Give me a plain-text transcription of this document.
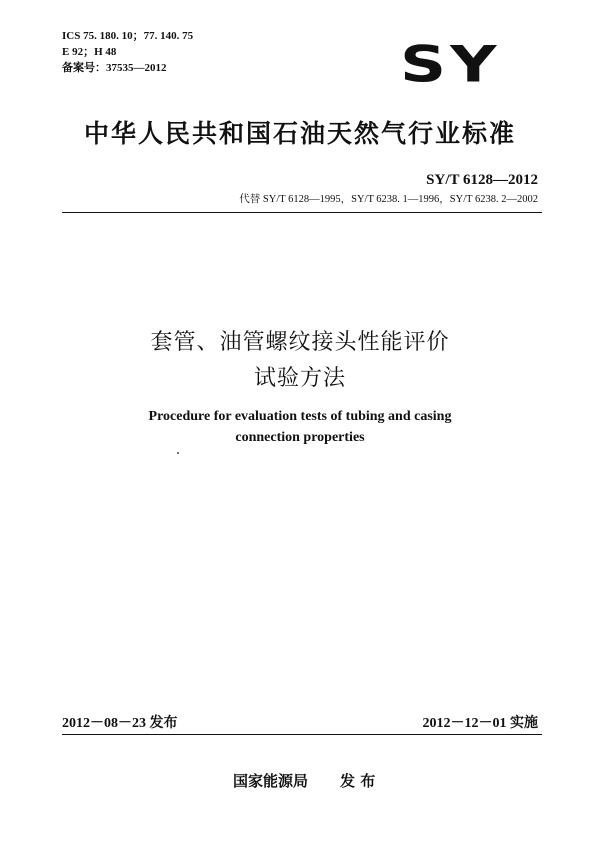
ICS 75. 180. 10；77. 140. 75
E 92；H 48
备案号：37535—2012	SY
中华人民共和国石油天然气行业标准
SY/T 6128—2012
代替 SY/T 6128—1995，SY/T 6238. 1—1996，SY/T 6238. 2—2002
套管、油管螺纹接头性能评价
试验方法
Procedure for evaluation tests of tubing and casing
connection properties
2012－08－23 发布	2012－12－01 实施
国家能源局 发 布
